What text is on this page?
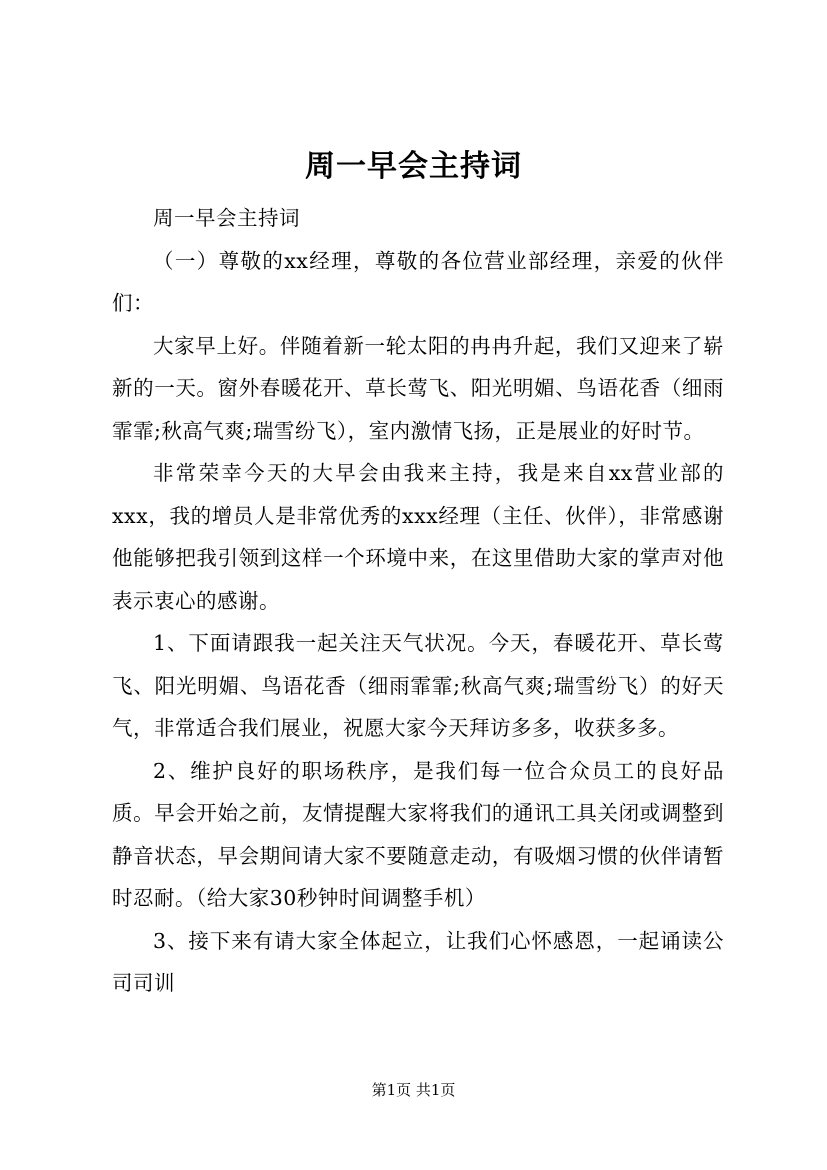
周一早会主持词

周一早会主持词

（一）尊敬的xx经理，尊敬的各位营业部经理，亲爱的伙伴们：

大家早上好。伴随着新一轮太阳的冉冉升起，我们又迎来了崭新的一天。窗外春暖花开、草长莺飞、阳光明媚、鸟语花香（细雨霏霏;秋高气爽;瑞雪纷飞），室内激情飞扬，正是展业的好时节。

非常荣幸今天的大早会由我来主持，我是来自xx营业部的xxx，我的增员人是非常优秀的xxx经理（主任、伙伴），非常感谢他能够把我引领到这样一个环境中来，在这里借助大家的掌声对他表示衷心的感谢。

1、下面请跟我一起关注天气状况。今天，春暖花开、草长莺飞、阳光明媚、鸟语花香（细雨霏霏;秋高气爽;瑞雪纷飞）的好天气，非常适合我们展业，祝愿大家今天拜访多多，收获多多。

2、维护良好的职场秩序，是我们每一位合众员工的良好品质。早会开始之前，友情提醒大家将我们的通讯工具关闭或调整到静音状态，早会期间请大家不要随意走动，有吸烟习惯的伙伴请暂时忍耐。（给大家30秒钟时间调整手机）

3、接下来有请大家全体起立，让我们心怀感恩，一起诵读公司司训

第1页 共1页
